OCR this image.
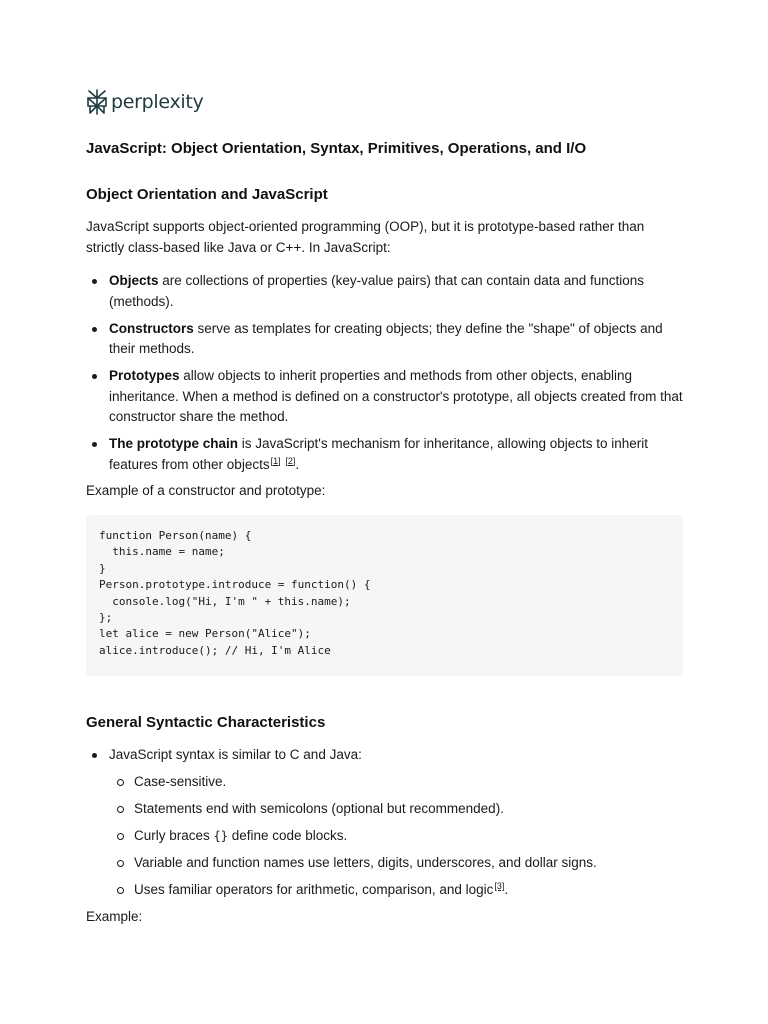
perplexity
JavaScript: Object Orientation, Syntax, Primitives, Operations, and I/O
Object Orientation and JavaScript

JavaScript supports object-oriented programming (OOP), but it is prototype-based rather than strictly class-based like Java or C++. In JavaScript:

Objects are collections of properties (key-value pairs) that can contain data and functions (methods).
Constructors serve as templates for creating objects; they define the "shape" of objects and their methods.
Prototypes allow objects to inherit properties and methods from other objects, enabling inheritance. When a method is defined on a constructor's prototype, all objects created from that constructor share the method.
The prototype chain is JavaScript's mechanism for inheritance, allowing objects to inherit features from other objects[1] [2].

Example of a constructor and prototype:

function Person(name) {
this.name = name;
}
Person.prototype.introduce = function() {
console.log("Hi, I'm " + this.name);
};
let alice = new Person("Alice");
alice.introduce(); // Hi, I'm Alice
General Syntactic Characteristics
JavaScript syntax is similar to C and Java:
Case-sensitive.
Statements end with semicolons (optional but recommended).
Curly braces {} define code blocks.
Variable and function names use letters, digits, underscores, and dollar signs.
Uses familiar operators for arithmetic, comparison, and logic[3].

Example:
